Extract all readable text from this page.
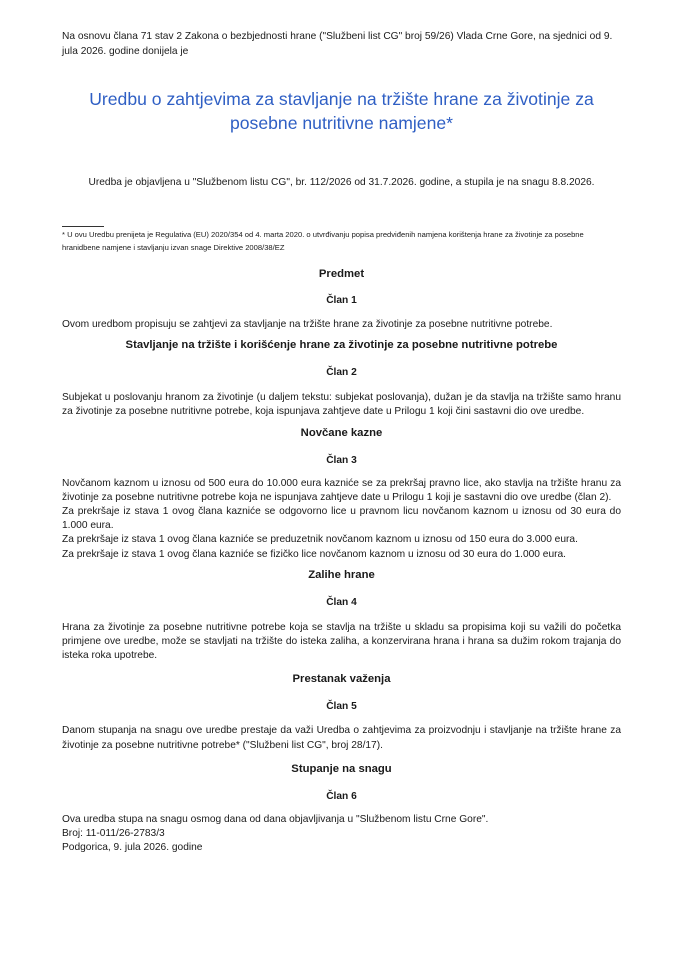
Na osnovu člana 71 stav 2 Zakona o bezbjednosti hrane ("Službeni list CG" broj 59/26) Vlada Crne Gore, na sjednici od 9. jula 2026. godine donijela je

Uredbu o zahtjevima za stavljanje na tržište hrane za životinje za posebne nutritivne namjene*

Uredba je objavljena u "Službenom listu CG", br. 112/2026 od 31.7.2026. godine, a stupila je na snagu 8.8.2026.

* U ovu Uredbu prenijeta je Regulativa (EU) 2020/354 od 4. marta 2020. o utvrđivanju popisa predviđenih namjena korištenja hrane za životinje za posebne hranidbene namjene i stavljanju izvan snage Direktive 2008/38/EZ

Predmet
Član 1

Ovom uredbom propisuju se zahtjevi za stavljanje na tržište hrane za životinje za posebne nutritivne potrebe.

Stavljanje na tržište i korišćenje hrane za životinje za posebne nutritivne potrebe
Član 2

Subjekat u poslovanju hranom za životinje (u daljem tekstu: subjekat poslovanja), dužan je da stavlja na tržište samo hranu za životinje za posebne nutritivne potrebe, koja ispunjava zahtjeve date u Prilogu 1 koji čini sastavni dio ove uredbe.

Novčane kazne
Član 3

Novčanom kaznom u iznosu od 500 eura do 10.000 eura kazniće se za prekršaj pravno lice, ako stavlja na tržište hranu za životinje za posebne nutritivne potrebe koja ne ispunjava zahtjeve date u Prilogu 1 koji je sastavni dio ove uredbe (član 2).

Za prekršaje iz stava 1 ovog člana kazniće se odgovorno lice u pravnom licu novčanom kaznom u iznosu od 30 eura do 1.000 eura.

Za prekršaje iz stava 1 ovog člana kazniće se preduzetnik novčanom kaznom u iznosu od 150 eura do 3.000 eura.

Za prekršaje iz stava 1 ovog člana kazniće se fizičko lice novčanom kaznom u iznosu od 30 eura do 1.000 eura.

Zalihe hrane
Član 4

Hrana za životinje za posebne nutritivne potrebe koja se stavlja na tržište u skladu sa propisima koji su važili do početka primjene ove uredbe, može se stavljati na tržište do isteka zaliha, a konzervirana hrana i hrana sa dužim rokom trajanja do isteka roka upotrebe.

Prestanak važenja
Član 5

Danom stupanja na snagu ove uredbe prestaje da važi Uredba o zahtjevima za proizvodnju i stavljanje na tržište hrane za životinje za posebne nutritivne potrebe* ("Službeni list CG", broj 28/17).

Stupanje na snagu
Član 6

Ova uredba stupa na snagu osmog dana od dana objavljivanja u "Službenom listu Crne Gore".

Broj: 11-011/26-2783/3

Podgorica, 9. jula 2026. godine
